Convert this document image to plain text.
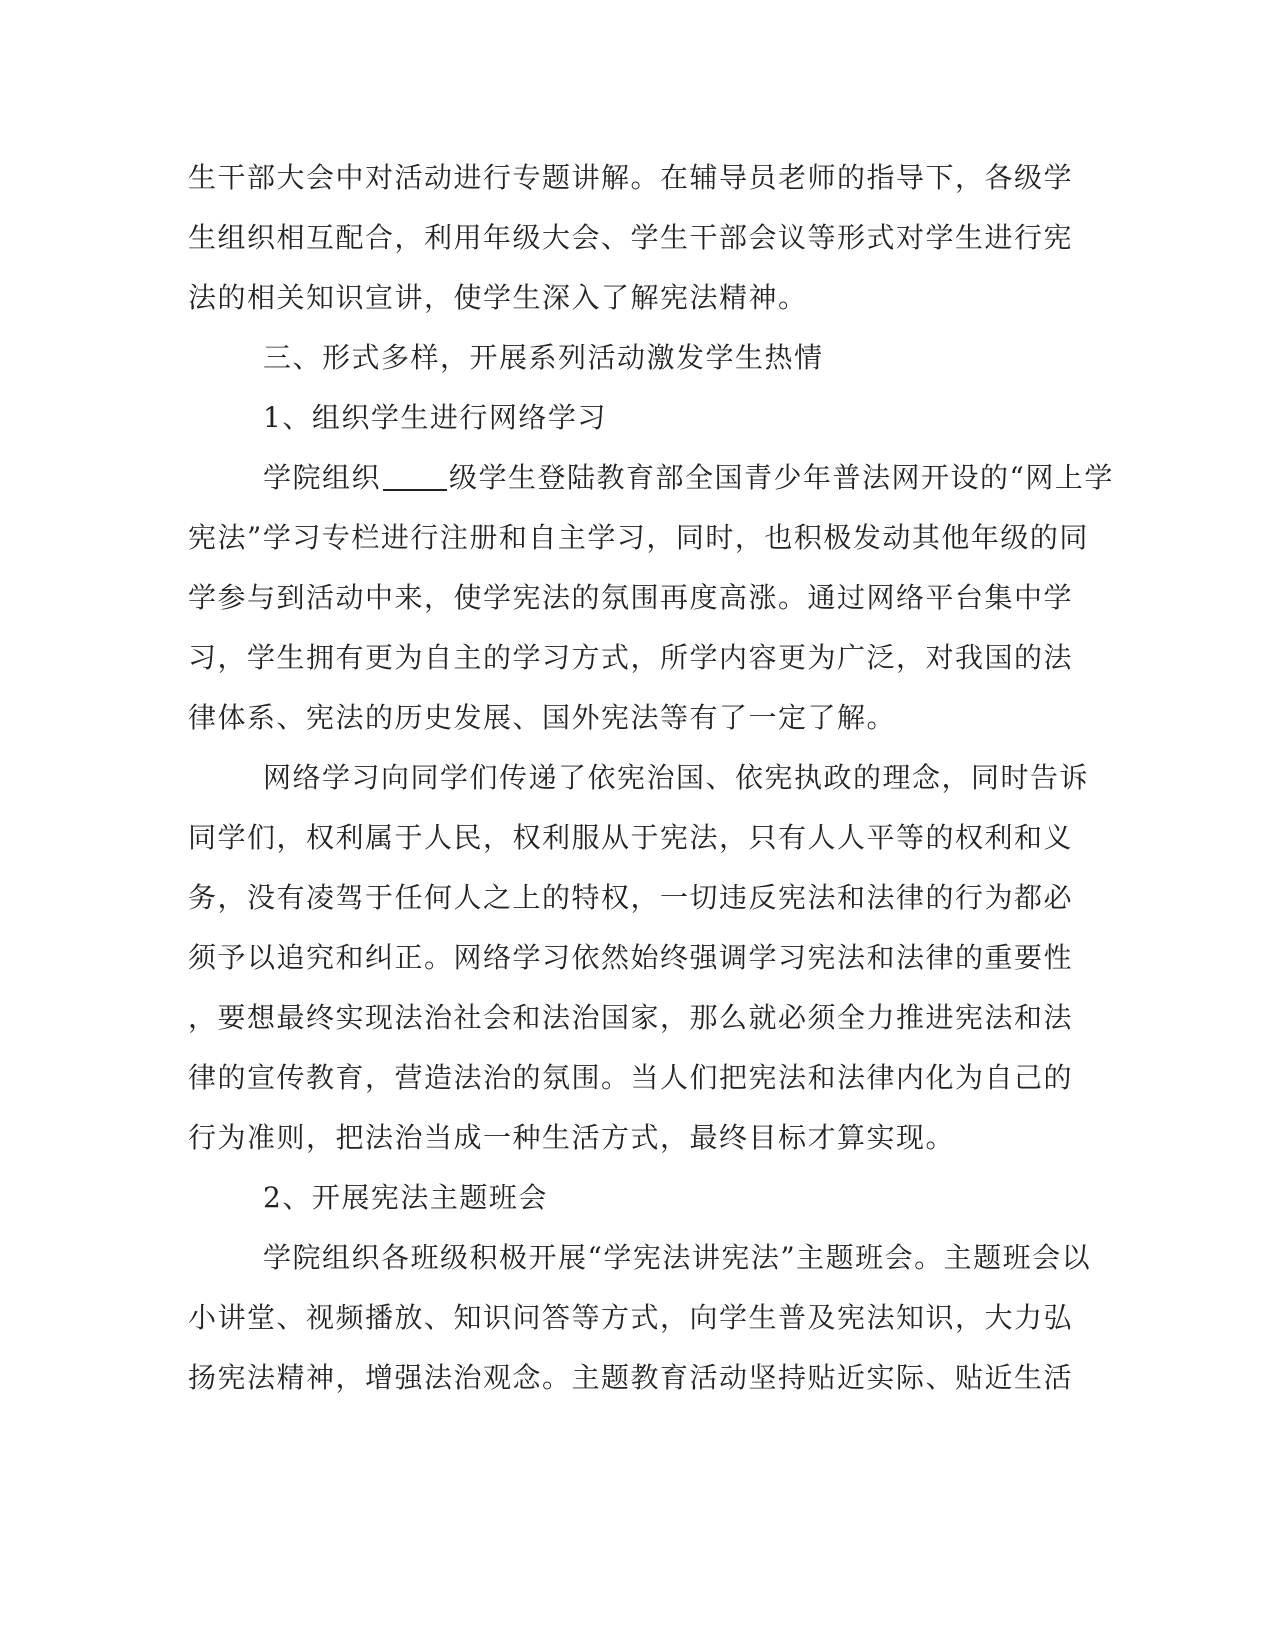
生干部大会中对活动进行专题讲解。在辅导员老师的指导下，各级学

生组织相互配合，利用年级大会、学生干部会议等形式对学生进行宪

法的相关知识宣讲，使学生深入了解宪法精神。

三、形式多样，开展系列活动激发学生热情

1、组织学生进行网络学习

学院组织 级学生登陆教育部全国青少年普法网开设的“网上学

宪法”学习专栏进行注册和自主学习，同时，也积极发动其他年级的同

学参与到活动中来，使学宪法的氛围再度高涨。通过网络平台集中学

习，学生拥有更为自主的学习方式，所学内容更为广泛，对我国的法

律体系、宪法的历史发展、国外宪法等有了一定了解。

网络学习向同学们传递了依宪治国、依宪执政的理念，同时告诉

同学们，权利属于人民，权利服从于宪法，只有人人平等的权利和义

务，没有凌驾于任何人之上的特权，一切违反宪法和法律的行为都必

须予以追究和纠正。网络学习依然始终强调学习宪法和法律的重要性

，要想最终实现法治社会和法治国家，那么就必须全力推进宪法和法

律的宣传教育，营造法治的氛围。当人们把宪法和法律内化为自己的

行为准则，把法治当成一种生活方式，最终目标才算实现。

2、开展宪法主题班会

学院组织各班级积极开展“学宪法讲宪法”主题班会。主题班会以

小讲堂、视频播放、知识问答等方式，向学生普及宪法知识，大力弘

扬宪法精神，增强法治观念。主题教育活动坚持贴近实际、贴近生活
